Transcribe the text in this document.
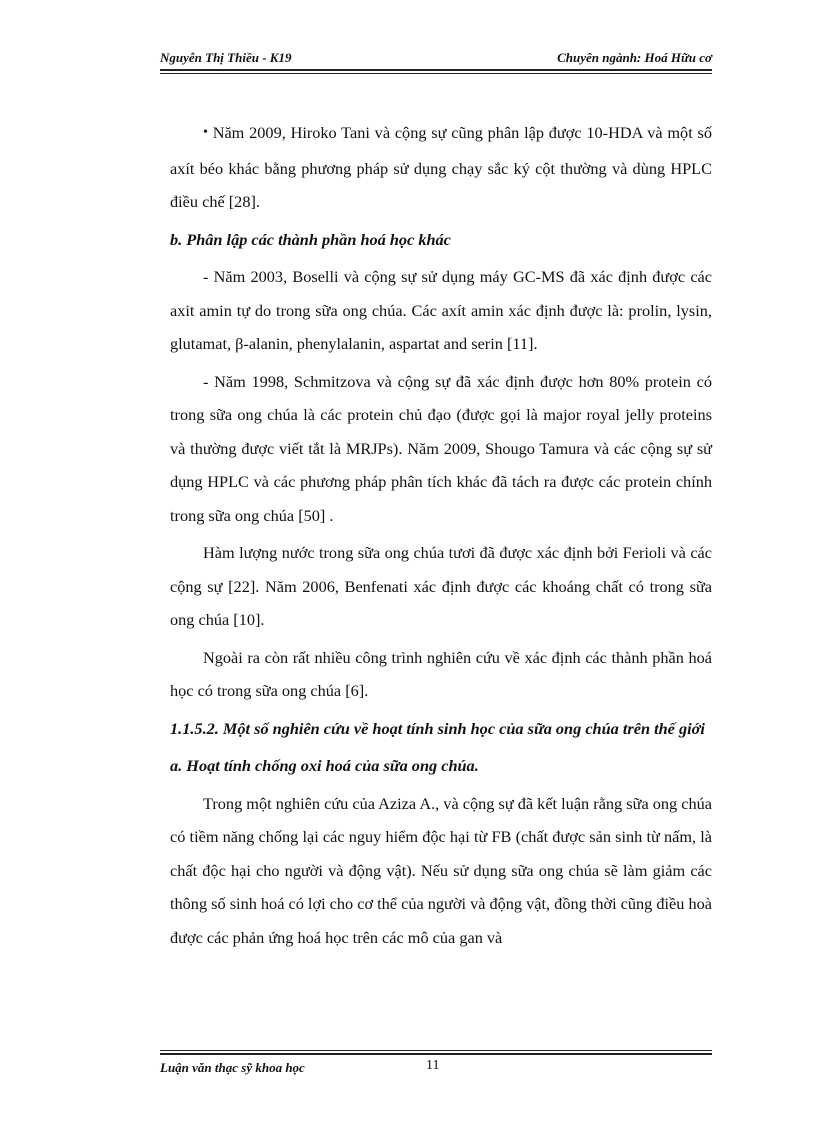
Nguyễn Thị Thiều - K19	Chuyên ngành: Hoá Hữu cơ

• Năm 2009, Hiroko Tani và cộng sự cũng phân lập được 10-HDA và một số axít béo khác bằng phương pháp sử dụng chạy sắc ký cột thường và dùng HPLC điều chế [28].

b. Phân lập các thành phần hoá học khác

- Năm 2003, Boselli và cộng sự sử dụng máy GC-MS đã xác định được các axit amin tự do trong sữa ong chúa. Các axít amin xác định được là: prolin, lysin, glutamat, β-alanin, phenylalanin, aspartat and serin [11].

- Năm 1998, Schmitzova và cộng sự đã xác định được hơn 80% protein có trong sữa ong chúa là các protein chủ đạo (được gọi là major royal jelly proteins và thường được viết tắt là MRJPs). Năm 2009, Shougo Tamura và các cộng sự sử dụng HPLC và các phương pháp phân tích khác đã tách ra được các protein chính trong sữa ong chúa [50] .

Hàm lượng nước trong sữa ong chúa tươi đã được xác định bởi Ferioli và các cộng sự [22]. Năm 2006, Benfenati xác định được các khoáng chất có trong sữa ong chúa [10].

Ngoài ra còn rất nhiều công trình nghiên cứu về xác định các thành phần hoá học có trong sữa ong chúa [6].

1.1.5.2. Một số nghiên cứu về hoạt tính sinh học của sữa ong chúa trên thế giới

a. Hoạt tính chống oxi hoá của sữa ong chúa.

Trong một nghiên cứu của Aziza A., và cộng sự đã kết luận rằng sữa ong chúa có tiềm năng chống lại các nguy hiểm độc hại từ FB (chất được sản sinh từ nấm, là chất độc hại cho người và động vật). Nếu sử dụng sữa ong chúa sẽ làm giảm các thông số sinh hoá có lợi cho cơ thể của người và động vật, đồng thời cũng điều hoà được các phản ứng hoá học trên các mô của gan và

Luận văn thạc sỹ khoa học	11
